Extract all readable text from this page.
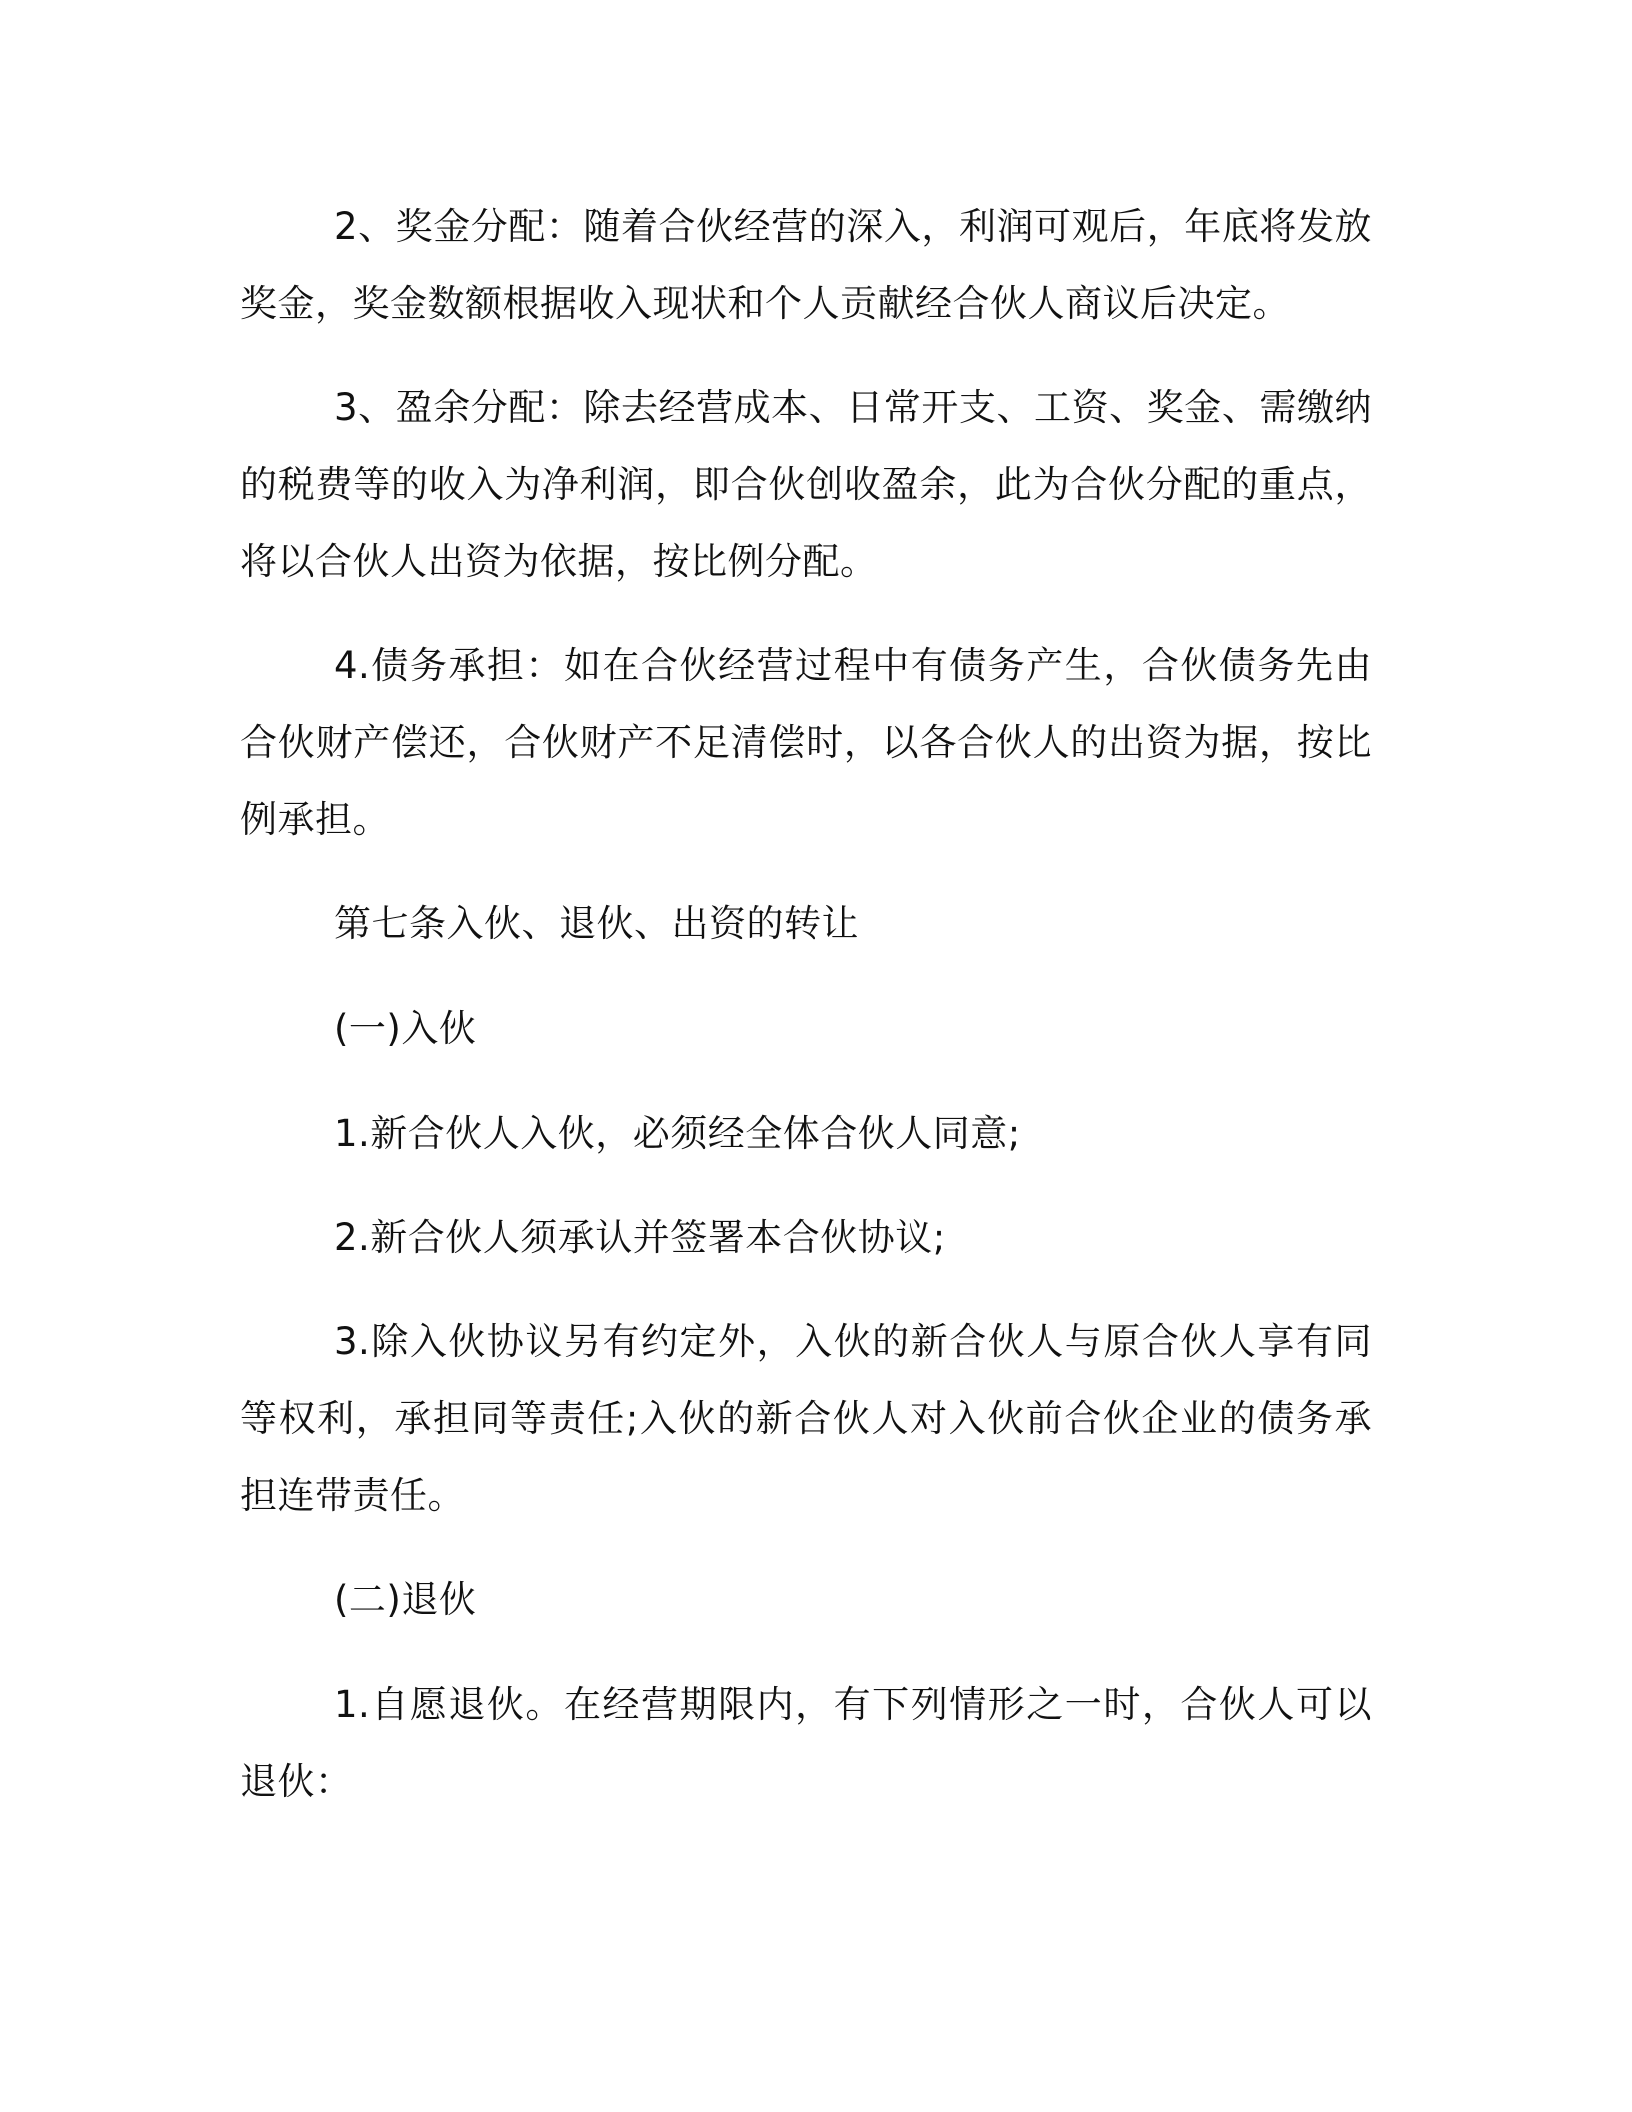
2、奖金分配：随着合伙经营的深入，利润可观后，年底将发放奖金，奖金数额根据收入现状和个人贡献经合伙人商议后决定。

3、盈余分配：除去经营成本、日常开支、工资、奖金、需缴纳的税费等的收入为净利润，即合伙创收盈余，此为合伙分配的重点，将以合伙人出资为依据，按比例分配。

4.债务承担：如在合伙经营过程中有债务产生，合伙债务先由合伙财产偿还，合伙财产不足清偿时，以各合伙人的出资为据，按比例承担。

第七条入伙、退伙、出资的转让

(一)入伙

1.新合伙人入伙，必须经全体合伙人同意;

2.新合伙人须承认并签署本合伙协议;

3.除入伙协议另有约定外，入伙的新合伙人与原合伙人享有同等权利，承担同等责任;入伙的新合伙人对入伙前合伙企业的债务承担连带责任。

(二)退伙

1.自愿退伙。在经营期限内，有下列情形之一时，合伙人可以退伙：
